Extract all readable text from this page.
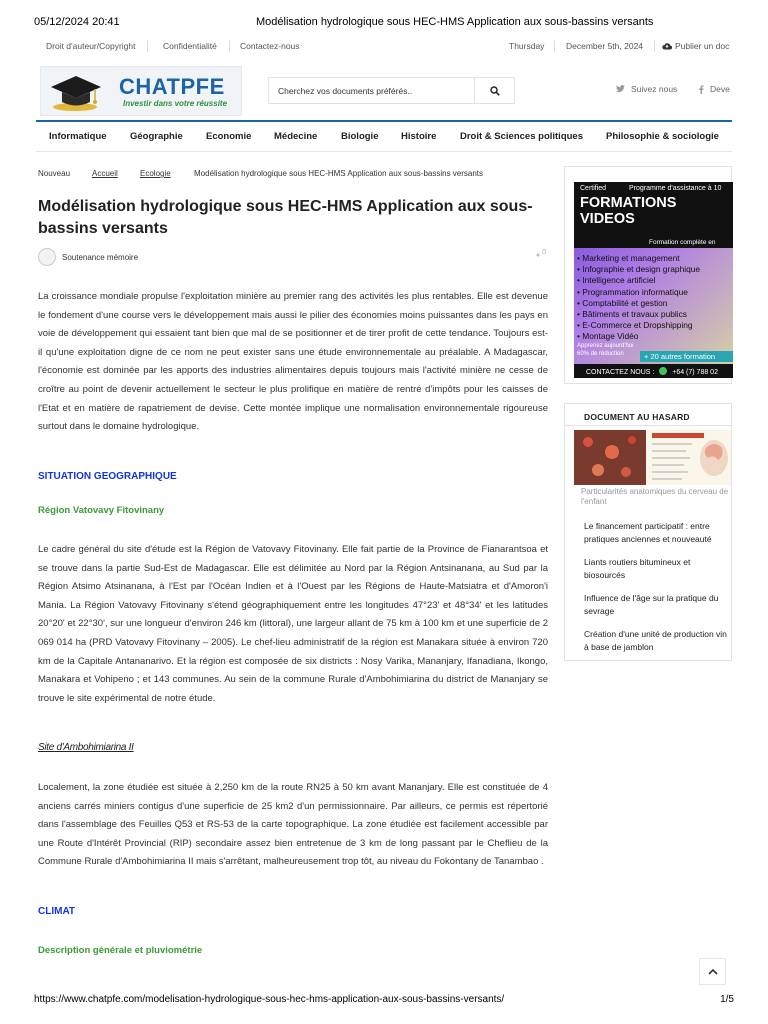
05/12/2024 20:41	Modélisation hydrologique sous HEC-HMS Application aux sous-bassins versants
Droit d'auteur/Copyright	Confidentialité	Contactez-nous	Thursday	December 5th, 2024	Publier un doc
CHATPFE
Investir dans votre réussite
Cherchez vos documents préférés..
Suivez nous	Deve
Informatique Géographie Economie Médecine Biologie Histoire Droit & Sciences politiques Philosophie & sociologie
Nouveau	Accueil	Ecologie	Modélisation hydrologique sous HEC-HMS Application aux sous-bassins versants
Modélisation hydrologique sous HEC-HMS Application aux sous-bassins versants
Soutenance mémoire
0

La croissance mondiale propulse l'exploitation minière au premier rang des activités les plus rentables. Elle est devenue le fondement d'une course vers le développement mais aussi le pilier des économies moins puissantes dans les pays en voie de développement qui essaient tant bien que mal de se positionner et de tirer profit de cette tendance. Toujours est-il qu'une exploitation digne de ce nom ne peut exister sans une étude environnementale au préalable. A Madagascar, l'économie est dominée par les apports des industries alimentaires depuis toujours mais l'activité minière ne cesse de croître au point de devenir actuellement le secteur le plus prolifique en matière de rentré d'impôts pour les caisses de l'Etat et en matière de rapatriement de devise. Cette montée implique une normalisation environnementale rigoureuse surtout dans le domaine hydrologique.

SITUATION GEOGRAPHIQUE
Région Vatovavy Fitovinany

Le cadre général du site d'étude est la Région de Vatovavy Fitovinany. Elle fait partie de la Province de Fianarantsoa et se trouve dans la partie Sud-Est de Madagascar. Elle est délimitée au Nord par la Région Antsinanana, au Sud par la Région Atsimo Atsinanana, à l'Est par l'Océan Indien et à l'Ouest par les Régions de Haute-Matsiatra et d'Amoron'i Mania. La Région Vatovavy Fitovinany s'étend géographiquement entre les longitudes 47°23' et 48°34' et les latitudes 20°20' et 22°30', sur une longueur d'environ 246 km (littoral), une largeur allant de 75 km à 100 km et une superficie de 2 069 014 ha (PRD Vatovavy Fitovinany – 2005). Le chef-lieu administratif de la région est Manakara située à environ 720 km de la Capitale Antananarivo. Et la région est composée de six districts : Nosy Varika, Mananjary, Ifanadiana, Ikongo, Manakara et Vohipeno ; et 143 communes. Au sein de la commune Rurale d'Ambohimiarina du district de Mananjary se trouve le site expérimental de notre étude.

Site d'Ambohimiarina II

Localement, la zone étudiée est située à 2,250 km de la route RN25 à 50 km avant Mananjary. Elle est constituée de 4 anciens carrés miniers contigus d'une superficie de 25 km2 d'un permissionnaire. Par ailleurs, ce permis est répertorié dans l'assemblage des Feuilles Q53 et RS-53 de la carte topographique. La zone étudiée est facilement accessible par une Route d'Intérêt Provincial (RIP) secondaire assez bien entretenue de 3 km de long passant par le Cheflieu de la Commune Rurale d'Ambohimiarina II mais s'arrêtant, malheureusement trop tôt, au niveau du Fokontany de Tanambao .

CLIMAT
Description générale et pluviométrie
Certified	Programme d'assistance à 10
FORMATIONS VIDEOS
Formation complète en
• Marketing et management
• Infographie et design graphique
• Intelligence artificiel
• Programmation informatique
• Comptabilité et gestion
• Bâtiments et travaux publics
• E-Commerce et Dropshipping
• Montage Vidéo
Apprenez aujourd'hui
60% de réduction	+ 20 autres formation
CONTACTEZ NOUS :	+64 (7) 788 02
DOCUMENT AU HASARD
Particularités anatomiques du cerveau de l'enfant
Le financement participatif : entre pratiques anciennes et nouveauté
Liants routiers bitumineux et biosourcés
Influence de l'âge sur la pratique du sevrage
Création d'une unité de production vin à base de jamblon
https://www.chatpfe.com/modelisation-hydrologique-sous-hec-hms-application-aux-sous-bassins-versants/	1/5
